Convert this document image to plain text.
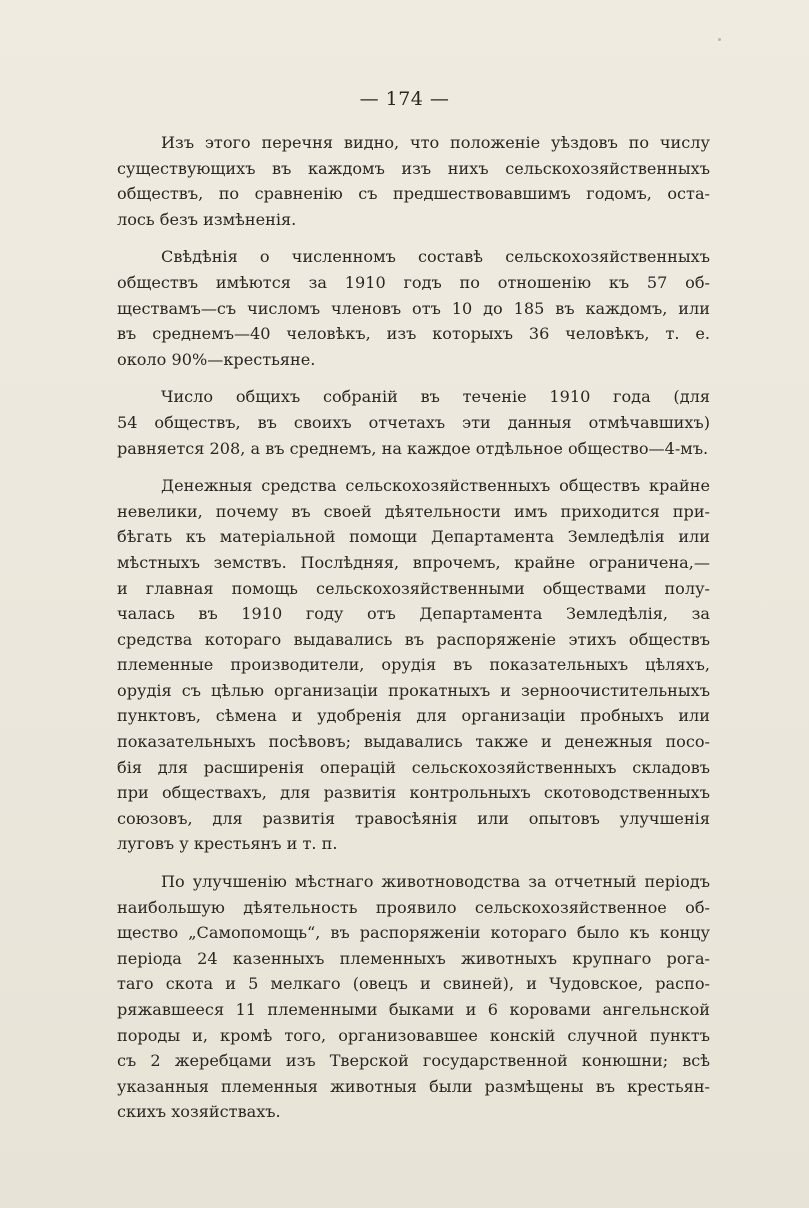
— 174 —

Изъ этого перечня видно, что положеніе уѣздовъ по числу
существующихъ въ каждомъ изъ нихъ сельскохозяйственныхъ
обществъ, по сравненію съ предшествовавшимъ годомъ, оста-
лось безъ измѣненія.

Свѣдѣнія о численномъ составѣ сельскохозяйственныхъ
обществъ имѣются за 1910 годъ по отношенію къ 57 об-
ществамъ—съ числомъ членовъ отъ 10 до 185 въ каждомъ, или
въ среднемъ—40 человѣкъ, изъ которыхъ 36 человѣкъ, т. е.
около 90%—крестьяне.

Число общихъ собраній въ теченіе 1910 года (для
54 обществъ, въ своихъ отчетахъ эти данныя отмѣчавшихъ)
равняется 208, а въ среднемъ, на каждое отдѣльное общество—4-мъ.

Денежныя средства сельскохозяйственныхъ обществъ крайне
невелики, почему въ своей дѣятельности имъ приходится при-
бѣгать къ матеріальной помощи Департамента Земледѣлія или
мѣстныхъ земствъ. Послѣдняя, впрочемъ, крайне ограничена,—
и главная помощь сельскохозяйственными обществами полу-
чалась въ 1910 году отъ Департамента Земледѣлія, за
средства котораго выдавались въ распоряженіе этихъ обществъ
племенные производители, орудія въ показательныхъ цѣляхъ,
орудія съ цѣлью организаціи прокатныхъ и зерноочистительныхъ
пунктовъ, сѣмена и удобренія для организаціи пробныхъ или
показательныхъ посѣвовъ; выдавались также и денежныя посо-
бія для расширенія операцій сельскохозяйственныхъ складовъ
при обществахъ, для развитія контрольныхъ скотоводственныхъ
союзовъ, для развитія травосѣянія или опытовъ улучшенія
луговъ у крестьянъ и т. п.

По улучшенію мѣстнаго животноводства за отчетный періодъ
наибольшую дѣятельность проявило сельскохозяйственное об-
щество „Самопомощь“, въ распоряженіи котораго было къ концу
періода 24 казенныхъ племенныхъ животныхъ крупнаго рога-
таго скота и 5 мелкаго (овецъ и свиней), и Чудовское, распо-
ряжавшееся 11 племенными быками и 6 коровами ангельнской
породы и, кромѣ того, организовавшее конскій случной пунктъ
съ 2 жеребцами изъ Тверской государственной конюшни; всѣ
указанныя племенныя животныя были размѣщены въ крестьян-
скихъ хозяйствахъ.
